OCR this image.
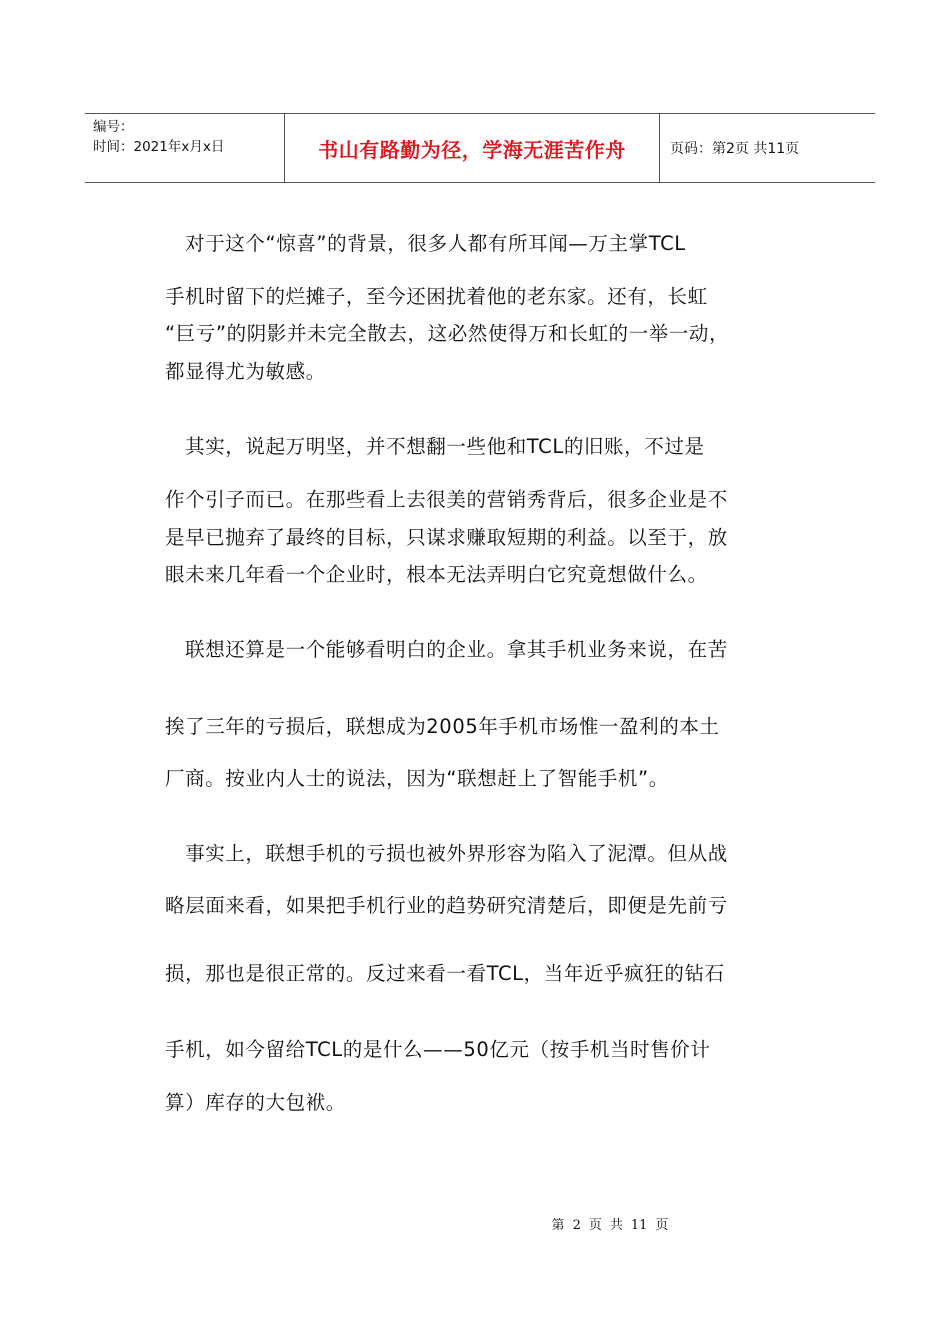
编号：
时间：2021年x月x日	书山有路勤为径，学海无涯苦作舟	页码：第2页 共11页
　对于这个“惊喜”的背景，很多人都有所耳闻—万主掌TCL
手机时留下的烂摊子，至今还困扰着他的老东家。还有，长虹
“巨亏”的阴影并未完全散去，这必然使得万和长虹的一举一动，
都显得尤为敏感。
　其实，说起万明坚，并不想翻一些他和TCL的旧账，不过是
作个引子而已。在那些看上去很美的营销秀背后，很多企业是不
是早已抛弃了最终的目标，只谋求赚取短期的利益。以至于，放
眼未来几年看一个企业时，根本无法弄明白它究竟想做什么。
　联想还算是一个能够看明白的企业。拿其手机业务来说，在苦
挨了三年的亏损后，联想成为2005年手机市场惟一盈利的本土
厂商。按业内人士的说法，因为“联想赶上了智能手机”。
　事实上，联想手机的亏损也被外界形容为陷入了泥潭。但从战
略层面来看，如果把手机行业的趋势研究清楚后，即便是先前亏
损，那也是很正常的。反过来看一看TCL，当年近乎疯狂的钻石
手机，如今留给TCL的是什么——50亿元（按手机当时售价计
算）库存的大包袱。
第 2 页 共 11 页
